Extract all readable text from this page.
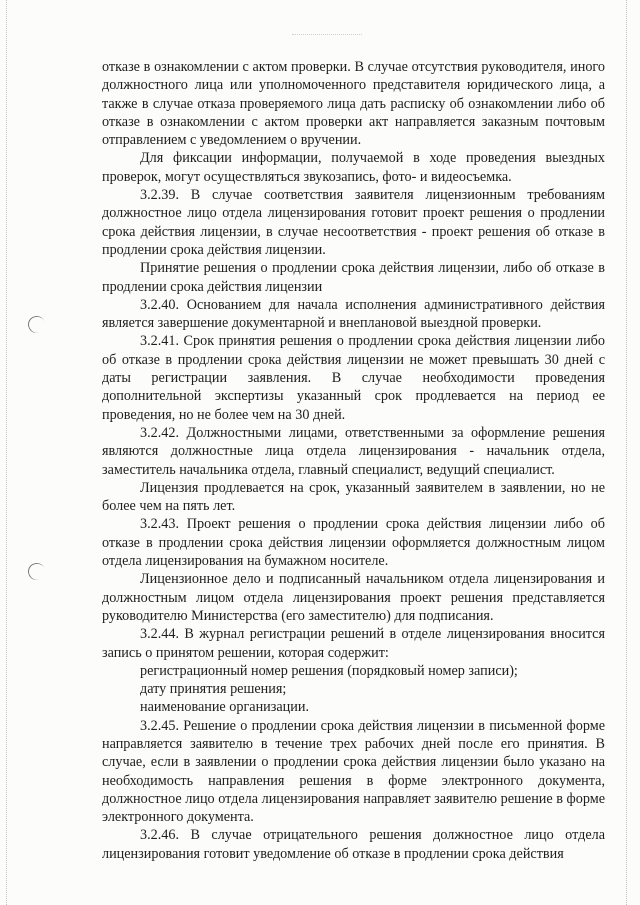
отказе в ознакомлении с актом проверки. В случае отсутствия руководителя, иного должностного лица или уполномоченного представителя юридического лица, а также в случае отказа проверяемого лица дать расписку об ознакомлении либо об отказе в ознакомлении с актом проверки акт направляется заказным почтовым отправлением с уведомлением о вручении.

Для фиксации информации, получаемой в ходе проведения выездных проверок, могут осуществляться звукозапись, фото- и видеосъемка.

3.2.39. В случае соответствия заявителя лицензионным требованиям должностное лицо отдела лицензирования готовит проект решения о продлении срока действия лицензии, в случае несоответствия - проект решения об отказе в продлении срока действия лицензии.

Принятие решения о продлении срока действия лицензии, либо об отказе в продлении срока действия лицензии

3.2.40. Основанием для начала исполнения административного действия является завершение документарной и внеплановой выездной проверки.

3.2.41. Срок принятия решения о продлении срока действия лицензии либо об отказе в продлении срока действия лицензии не может превышать 30 дней с даты регистрации заявления. В случае необходимости проведения дополнительной экспертизы указанный срок продлевается на период ее проведения, но не более чем на 30 дней.

3.2.42. Должностными лицами, ответственными за оформление решения являются должностные лица отдела лицензирования - начальник отдела, заместитель начальника отдела, главный специалист, ведущий специалист.

Лицензия продлевается на срок, указанный заявителем в заявлении, но не более чем на пять лет.

3.2.43. Проект решения о продлении срока действия лицензии либо об отказе в продлении срока действия лицензии оформляется должностным лицом отдела лицензирования на бумажном носителе.

Лицензионное дело и подписанный начальником отдела лицензирования и должностным лицом отдела лицензирования проект решения представляется руководителю Министерства (его заместителю) для подписания.

3.2.44. В журнал регистрации решений в отделе лицензирования вносится запись о принятом решении, которая содержит:

регистрационный номер решения (порядковый номер записи);

дату принятия решения;

наименование организации.

3.2.45. Решение о продлении срока действия лицензии в письменной форме направляется заявителю в течение трех рабочих дней после его принятия. В случае, если в заявлении о продлении срока действия лицензии было указано на необходимость направления решения в форме электронного документа, должностное лицо отдела лицензирования направляет заявителю решение в форме электронного документа.

3.2.46. В случае отрицательного решения должностное лицо отдела лицензирования готовит уведомление об отказе в продлении срока действия
